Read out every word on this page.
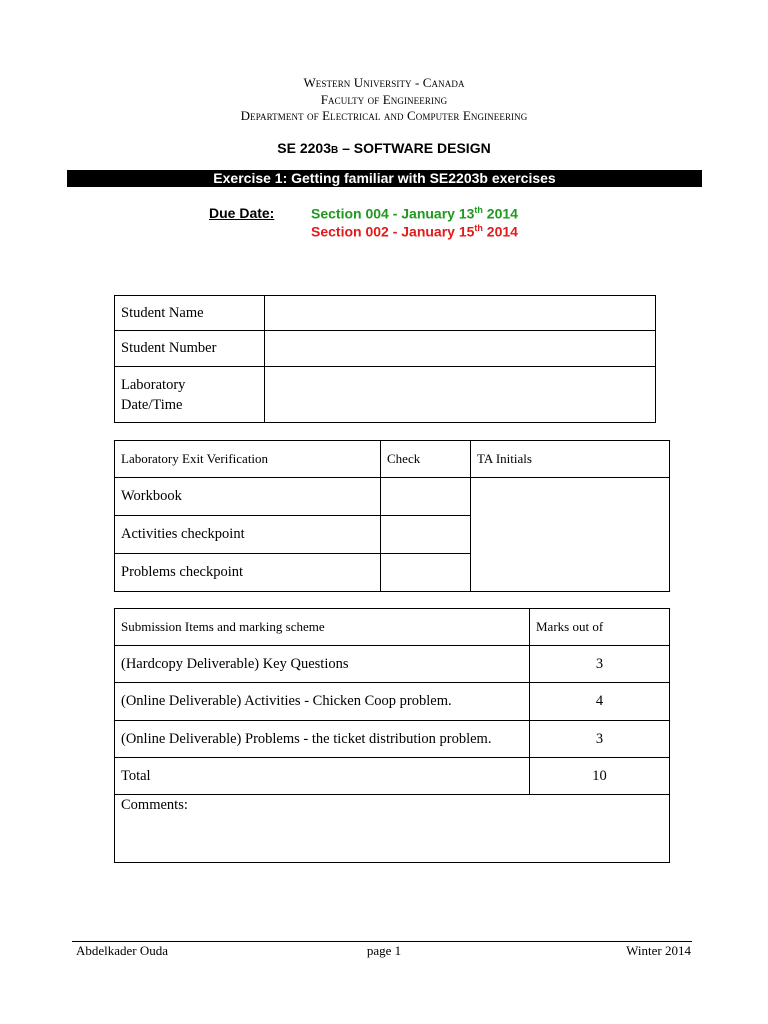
Western University - Canada
Faculty of Engineering
Department of Electrical and Computer Engineering
SE 2203B – SOFTWARE DESIGN
Exercise 1: Getting familiar with SE2203b exercises
Due Date:	Section 004 - January 13th 2014
Section 002 - January 15th 2014
Student Name	
Student Number	
Laboratory
Date/Time	
Laboratory Exit Verification	Check	TA Initials
Workbook		
Activities checkpoint		
Problems checkpoint		
Submission Items and marking scheme	Marks out of
(Hardcopy Deliverable) Key Questions	3
(Online Deliverable) Activities - Chicken Coop problem.	4
(Online Deliverable) Problems - the ticket distribution problem.	3
Total	10
Comments:	
Abdelkader Ouda	page 1	Winter 2014
